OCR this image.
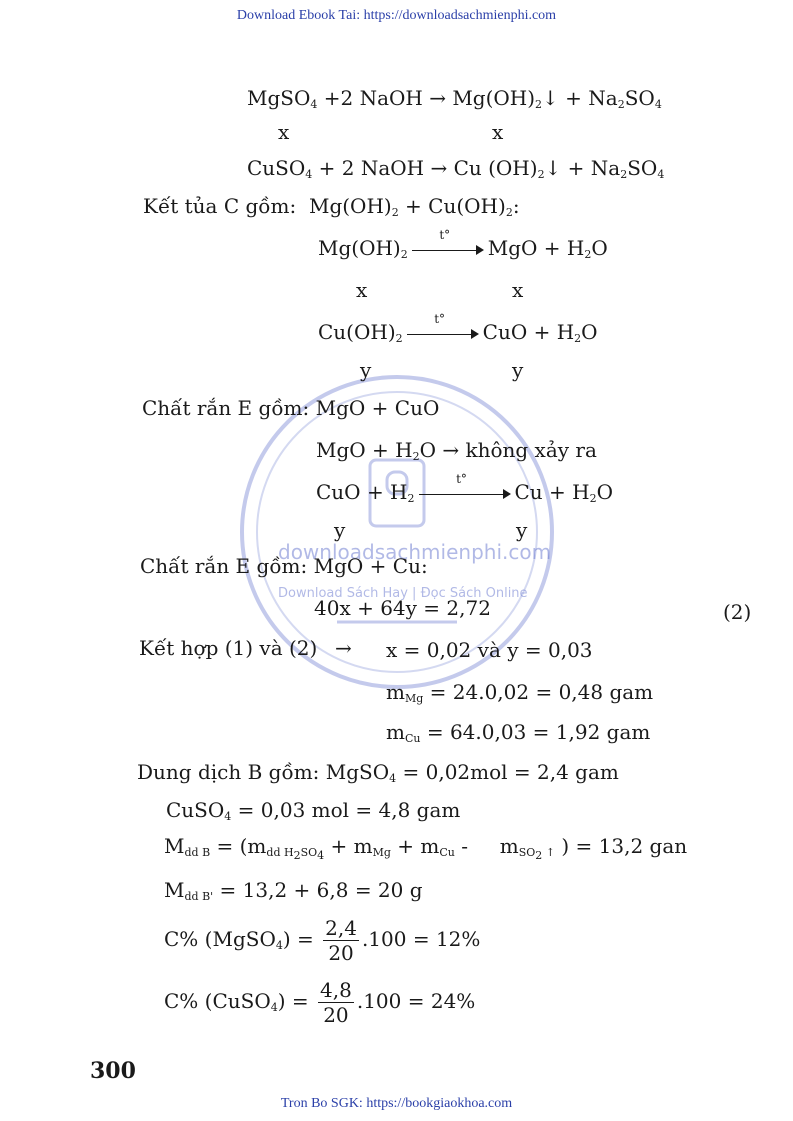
Download Ebook Tai: https://downloadsachmienphi.com
downloadsachmienphi.com
Download Sách Hay | Đọc Sách Online
MgSO$_4$ +2 NaOH → $Mg(OH)_2↓ + Na_2SO_4$
x	x
CuSO$_4$ + 2 NaOH → Cu $(OH)_2↓ + Na_2SO_4$
Kết tủa C gồm:  $Mg(OH)_2 + Cu(OH)_2$:
$Mg(OH)_2$
t°
MgO + $H_2O$
x	x
$Cu(OH)_2$
t°
CuO + $H_2O$
y	y
Chất rắn E gồm: MgO + CuO
MgO + $H_2O$ → không xảy ra
CuO + $H_2$
t°
$Cu + H_2O$
y	y
Chất rắn E gồm: MgO + Cu:
40x + 64y = 2,72	(2)
Kết hợp (1) và (2) → x = 0,02 và y = 0,03
$m_{Mg} = 24.0,02 = 0,48$ gam
$m_{Cu} = 64.0,03 = 1,92$ gam
Dung dịch B gồm: MgSO$_4$ = 0,02mol = 2,4 gam
CuSO$_4$ = 0,03 mol = 4,8 gam
$M_{dd B} = (m_{dd H_2SO_4} + m_{Mg} + m_{Cu}$ -     $m_{SO_2 ↑}$ ) = 13,2 gan
$M_{dd B'} = 13,2 + 6,8 = 20$ g
C% (MgSO$_4$) = $\frac{2,4}{20} .100 = 12\%$
C% (CuSO$_4$) = $\frac{4,8}{20} .100 = 24\%$
300
Tron Bo SGK: https://bookgiaokhoa.com
